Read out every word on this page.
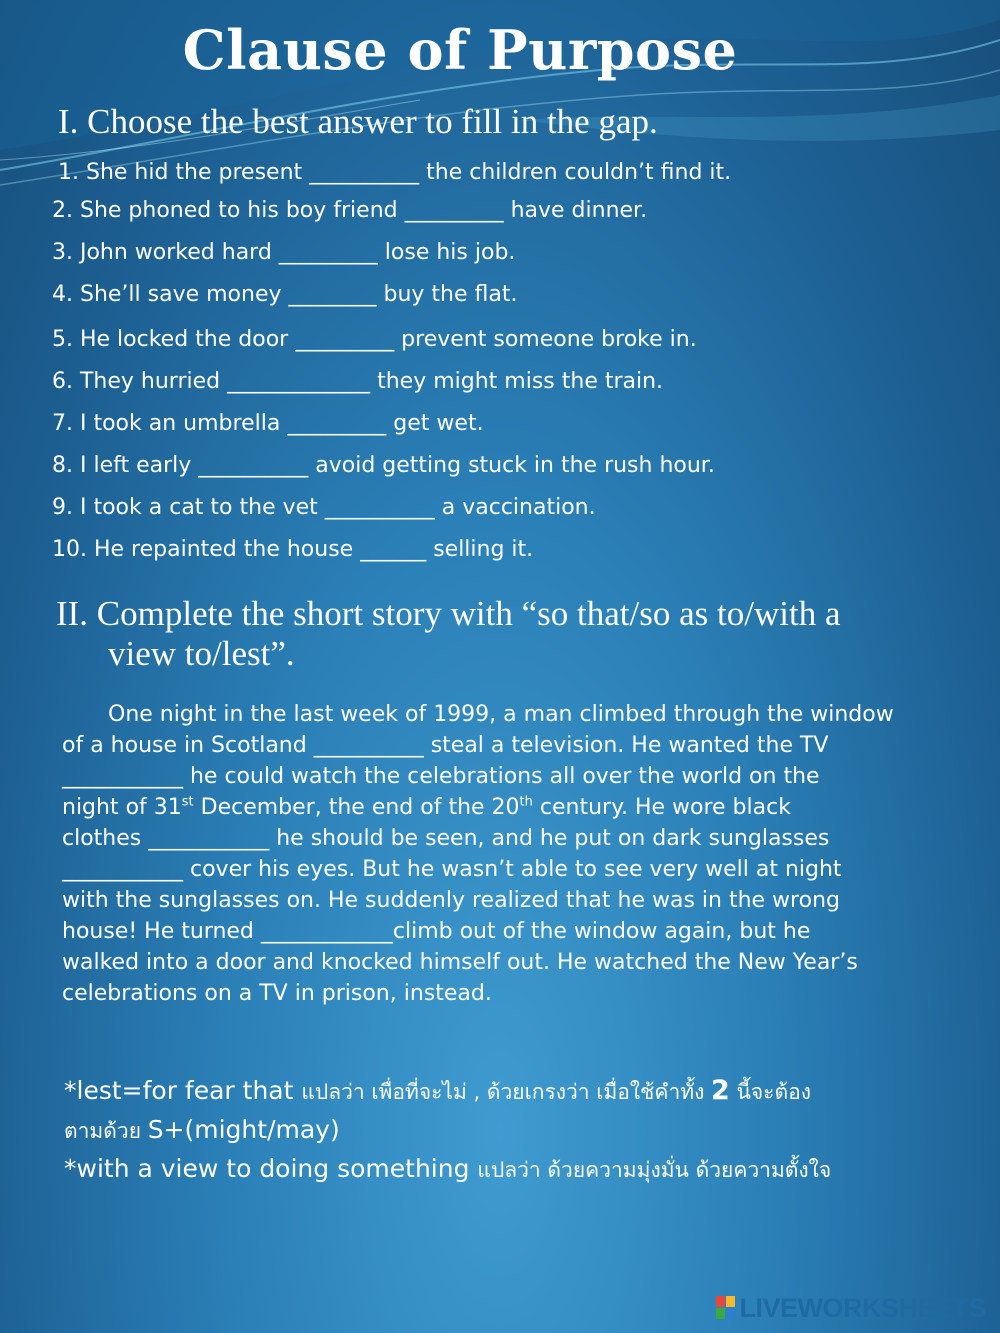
Clause of Purpose
I. Choose the best answer to fill in the gap.
1. She hid the present __________ the children couldn’t find it.
2. She phoned to his boy friend _________ have dinner.
3. John worked hard _________ lose his job.
4. She’ll save money ________ buy the flat.
5. He locked the door _________ prevent someone broke in.
6. They hurried _____________ they might miss the train.
7. I took an umbrella _________ get wet.
8. I left early __________ avoid getting stuck in the rush hour.
9. I took a cat to the vet __________ a vaccination.
10. He repainted the house ______ selling it.
II. Complete the short story with “so that/so as to/with a
view to/lest”.
One night in the last week of 1999, a man climbed through the window
of a house in Scotland __________ steal a television. He wanted the TV
___________ he could watch the celebrations all over the world on the
night of 31st December, the end of the 20th century. He wore black
clothes ___________ he should be seen, and he put on dark sunglasses
___________ cover his eyes. But he wasn’t able to see very well at night
with the sunglasses on. He suddenly realized that he was in the wrong
house! He turned ____________climb out of the window again, but he
walked into a door and knocked himself out. He watched the New Year’s
celebrations on a TV in prison, instead.
*lest=for fear that แปลว่า เพื่อที่จะไม่ , ด้วยเกรงว่า เมื่อใช้คำทั้ง 2 นี้จะต้อง
ตามด้วย S+(might/may)
*with a view to doing something แปลว่า ด้วยความมุ่งมั่น ด้วยความตั้งใจ
LIVEWORKSHEETS
